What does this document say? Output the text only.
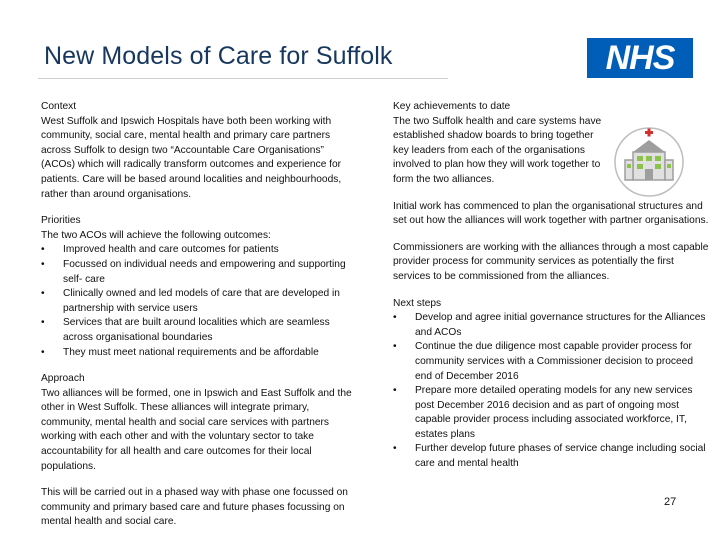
New Models of Care for Suffolk	NHS
Context
West Suffolk and Ipswich Hospitals have both been working with community, social care, mental health and primary care partners across Suffolk to design two “Accountable Care Organisations” (ACOs) which will radically transform outcomes and experience for patients. Care will be based around localities and neighbourhoods, rather than around organisations.
Priorities
The two ACOs will achieve the following outcomes:
• Improved health and care outcomes for patients
• Focussed on individual needs and empowering and supporting self- care
• Clinically owned and led models of care that are developed in partnership with service users
• Services that are built around localities which are seamless across organisational boundaries
• They must meet national requirements and be affordable
Approach
Two alliances will be formed, one in Ipswich and East Suffolk and the other in West Suffolk. These alliances will integrate primary, community, mental health and social care services with partners working with each other and with the voluntary sector to take accountability for all health and care outcomes for their local populations.
This will be carried out in a phased way with phase one focussed on community and primary based care and future phases focussing on mental health and social care.
Key achievements to date
The two Suffolk health and care systems have established shadow boards to bring together key leaders from each of the organisations involved to plan how they will work together to form the two alliances.
Initial work has commenced to plan the organisational structures and set out how the alliances will work together with partner organisations.
Commissioners are working with the alliances through a most capable provider process for community services as potentially the first services to be commissioned from the alliances.
Next steps
• Develop and agree initial governance structures for the Alliances and ACOs
• Continue the due diligence most capable provider process for community services with a Commissioner decision to proceed end of December 2016
• Prepare more detailed operating models for any new services post December 2016 decision and as part of ongoing most capable provider process including associated workforce, IT, estates plans
• Further develop future phases of service change including social care and mental health
27
